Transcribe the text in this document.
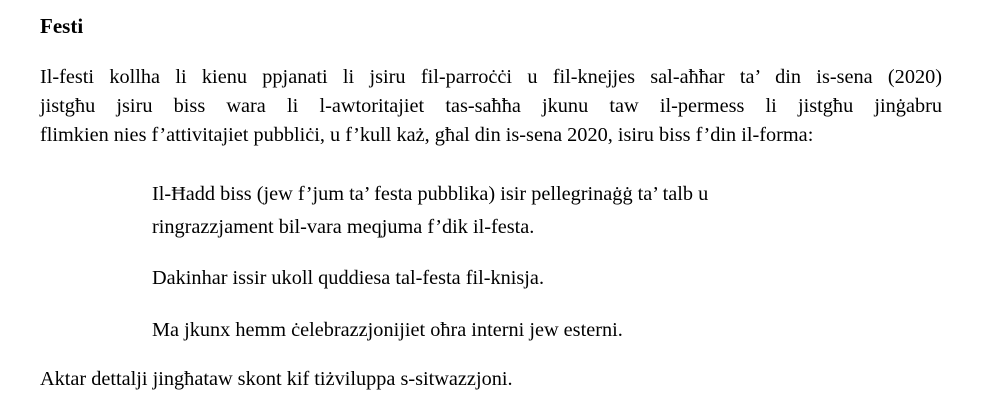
Festi

Il-festi kollha li kienu ppjanati li jsiru fil-parroċċi u fil-knejjes sal-aħħar ta’ din is-sena (2020)
jistgħu jsiru biss wara li l-awtoritajiet tas-saħħa jkunu taw il-permess li jistgħu jinġabru
flimkien nies f’attivitajiet pubbliċi, u f’kull każ, għal din is-sena 2020, isiru biss f’din il-forma:

Il-Ħadd biss (jew f’jum ta’ festa pubblika) isir pellegrinaġġ ta’ talb u
ringrazzjament bil-vara meqjuma f’dik il-festa.

Dakinhar issir ukoll quddiesa tal-festa fil-knisja.

Ma jkunx hemm ċelebrazzjonijiet oħra interni jew esterni.

Aktar dettalji jingħataw skont kif tiżviluppa s-sitwazzjoni.
